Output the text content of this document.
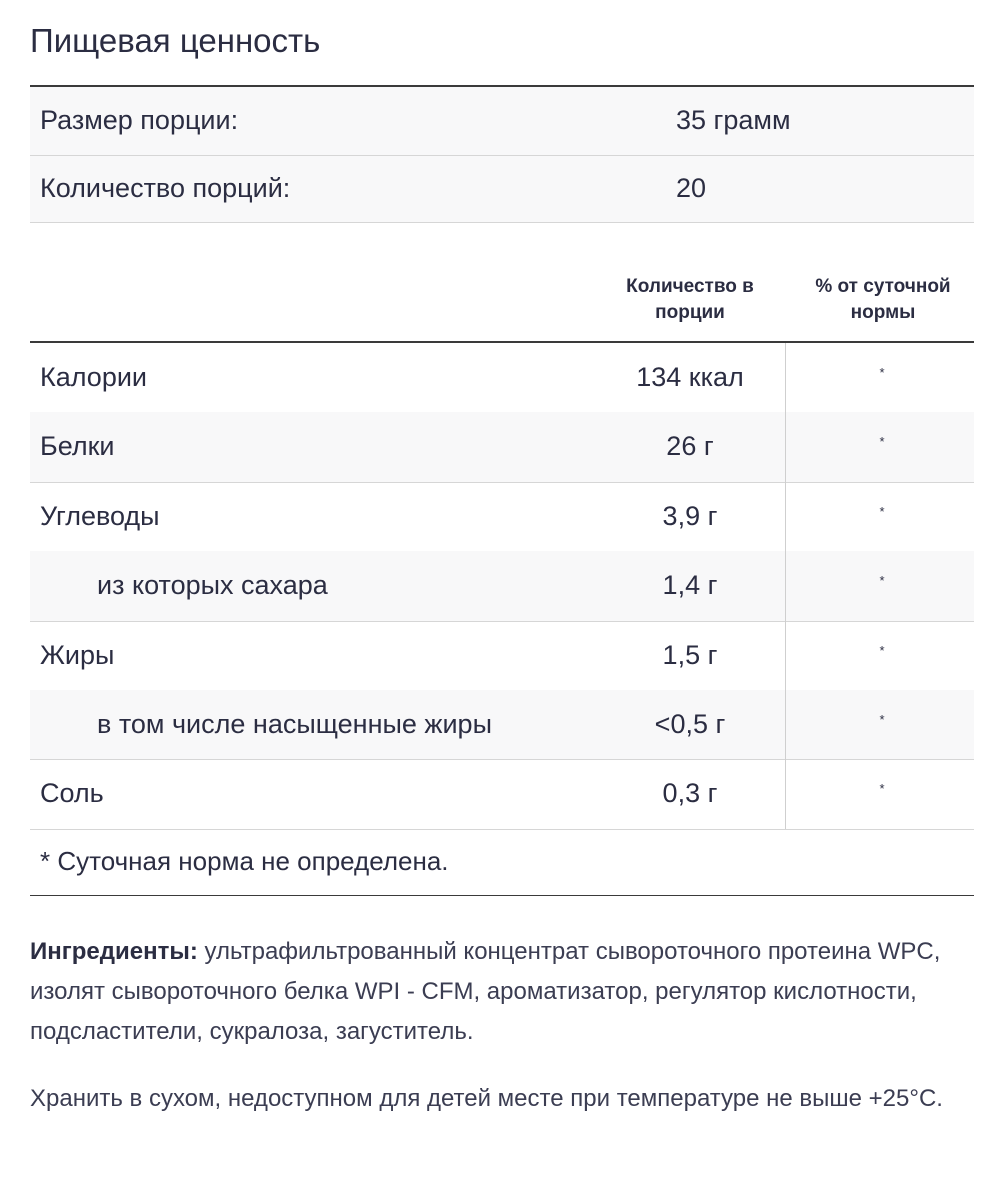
Пищевая ценность
Размер порции:	35 грамм
Количество порций:	20
Количество в
порции
% от суточной
нормы
Калории	134 ккал	*
Белки	26 г	*
Углеводы	3,9 г	*
из которых сахара	1,4 г	*
Жиры	1,5 г	*
в том числе насыщенные жиры	<0,5 г	*
Соль	0,3 г	*
* Суточная норма не определена.
Ингредиенты: ультрафильтрованный концентрат сывороточного протеина WPC, изолят сывороточного белка WPI - CFM, ароматизатор, регулятор кислотности, подсластители, сукралоза, загуститель.
Хранить в сухом, недоступном для детей месте при температуре не выше +25°С.
